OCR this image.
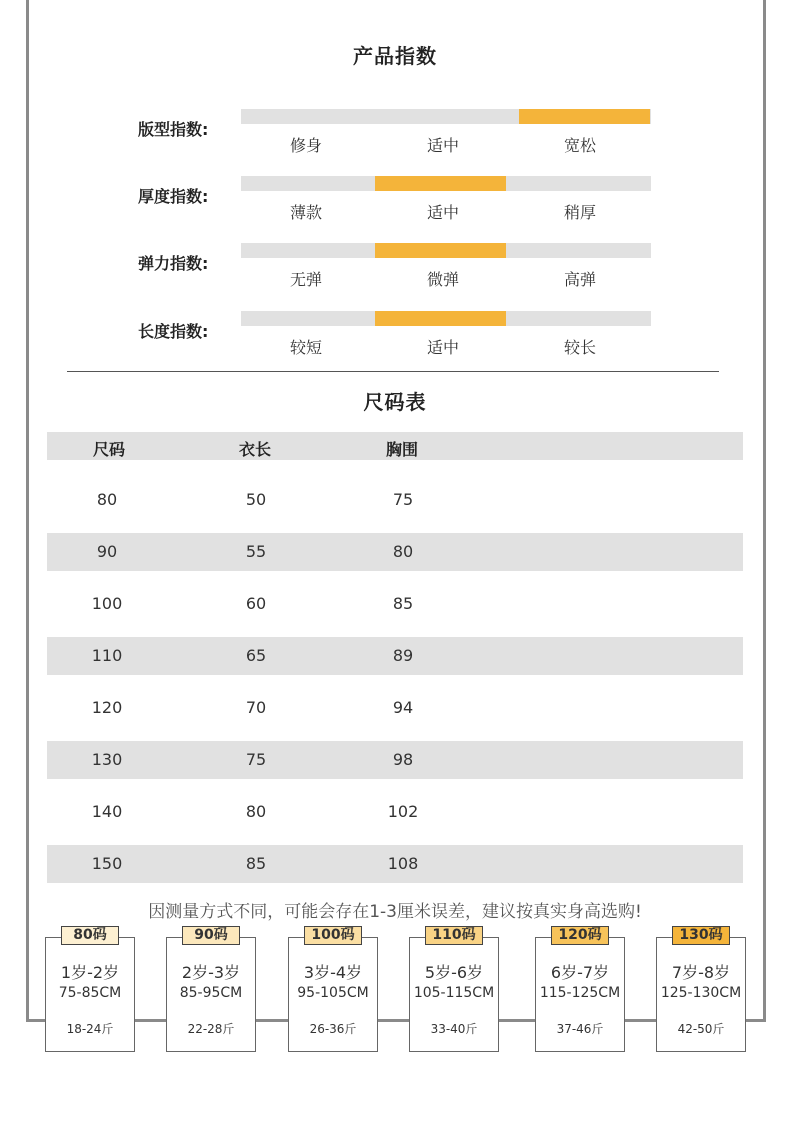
产品指数
版型指数:
修身	适中	宽松
厚度指数:
薄款	适中	稍厚
弹力指数:
无弹	微弹	高弹
长度指数:
较短	适中	较长
尺码表
尺码	衣长	胸围
80	50	75
90	55	80
100	60	85
110	65	89
120	70	94
130	75	98
140	80	102
150	85	108
因测量方式不同，可能会存在1-3厘米误差，建议按真实身高选购!
1岁-2岁
75-85CM
18-24斤
80码
2岁-3岁
85-95CM
22-28斤
90码
3岁-4岁
95-105CM
26-36斤
100码
5岁-6岁
105-115CM
33-40斤
110码
6岁-7岁
115-125CM
37-46斤
120码
7岁-8岁
125-130CM
42-50斤
130码
